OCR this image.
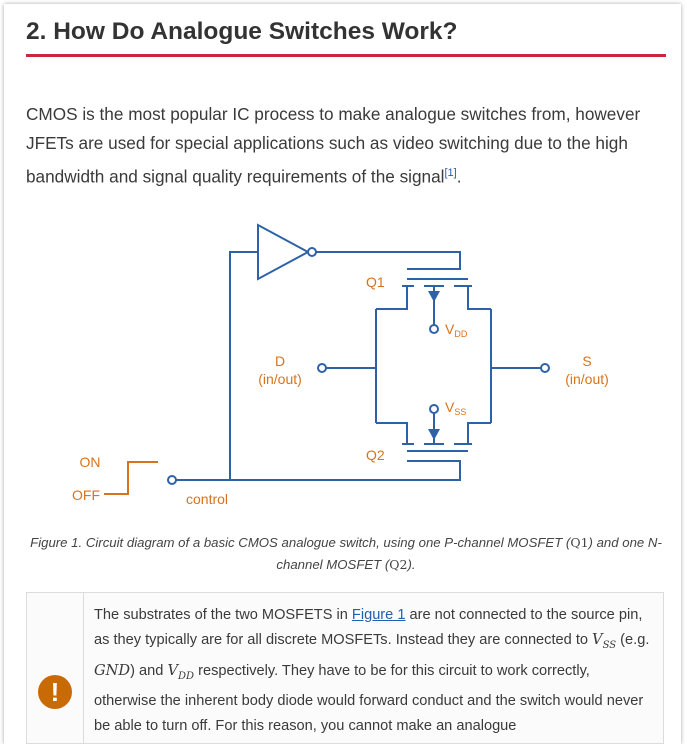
2. How Do Analogue Switches Work?

CMOS is the most popular IC process to make analogue switches from, however JFETs are used for special applications such as video switching due to the high bandwidth and signal quality requirements of the signal[1].

Q1
Q2
$V_{DD}$
$V_{SS}$
D
(in/out)
S
(in/out)
ON
OFF	control

Figure 1. Circuit diagram of a basic CMOS analogue switch, using one P-channel MOSFET (Q1) and one N-channel MOSFET (Q2).

!

The substrates of the two MOSFETS in Figure 1 are not connected to the source pin, as they typically are for all discrete MOSFETs. Instead they are connected to $V_{SS}$ (e.g. GND) and $V_{DD}$ respectively. They have to be for this circuit to work correctly, otherwise the inherent body diode would forward conduct and the switch would never be able to turn off. For this reason, you cannot make an analogue
